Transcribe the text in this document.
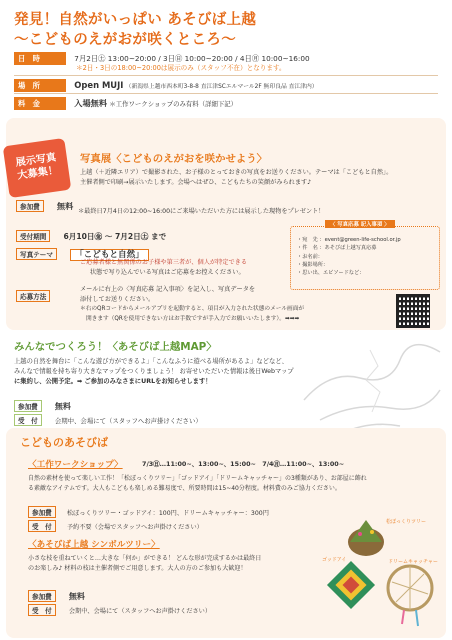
発見！自然がいっぱい あそびば上越
～こどものえがおが咲くところ～
日　時	7月2日㊏ 13:00~20:00 / 3日㊐ 10:00~20:00 / 4日㊊ 10:00~16:00
＊2日・3日の18:00~20:00は展示のみ（スタッフ不在）となります。
場　所	Open MUJI （新潟県上越市西本町3-8-8 直江津SCエルマール2F 無印良品 直江津内）
料　金	入場無料 ＊工作ワークショップのみ有料（詳細下記）
展示写真
大募集！
写真展〈こどものえがおを咲かせよう〉
上越（＋近隣エリア）で撮影された、お子様のとっておきの写真をお送りください。テーマは「こどもと自然」。
主催者側で印刷→展示いたします。会場へはぜひ、こどもたちの笑顔がみられます♪
参加費 無料
＊最終日7月4日の12:00~16:00にご来場いただいた方には展示した現物をプレゼント！
受付期間 6月10日㊎ ～ 7月2日㊏ まで
写真テーマ	「こどもと自然」
ご応募者様と無関係のお子様や第三者が、個人が特定できる
状態で写り込んでいる写真はご応募をお控えください。
応募方法
メールに右上の〈写真応募 記入事項〉を記入し、写真データを
添付してお送りください。
＊右のQRコードからメールアプリを起動すると、項目が入力された状態のメール画面が
開きます（QRを使用できない方はお手数ですが手入力でお願いいたします）。➡➡➡
〈 写真応募 記入事項 〉
・宛　先 ：event@green-life-school.or.jp
・件　名 ：あそびば上越写真応募
・お名前：
・撮影場所：
・思い出、エピソードなど：
みんなでつくろう！〈あそびば上越MAP〉
上越の自然を舞台に「こんな遊び方ができるよ」「こんなふうに遊べる場所があるよ」などなど、
みんなで情報を持ち寄り大きなマップをつくりましょう！ お寄せいただいた情報は後日Webマップ
に集約し、公開予定。➡ ご参加のみなさまにURLをお知らせします！
参加費 無料
受　付	会期中、会場にて（スタッフへお声掛けください）
こどものあそびば
〈工作ワークショップ〉	7/3㊐…11:00~、13:00~、15:00~　7/4㊊…11:00~、13:00~
自然の素材を使って楽しい工作！「松ぼっくりツリー」「ゴッドアイ」「ドリームキャッチャー」の3種類があり、お部屋に飾れ
る素敵なアイテムです。大人もこどもも楽しめる難易度で、所要時間は15~40分程度。材料費のみご協力ください。
参加費 松ぼっくりツリー・ゴッドアイ：100円、ドリームキャッチャー：300円
受　付 予約不要（会場でスタッフへお声掛けください）
〈あそびば上越 シンボルツリー〉
小さな枝を重ねていくと…大きな「何か」ができる！ どんな形が完成するかは最終日
のお楽しみ♪ 材料の枝は主催者側でご用意します。大人の方のご参加も大歓迎！
参加費 無料
受　付	会期中、会場にて（スタッフへお声掛けください）
松ぼっくりツリー
ゴッドアイ	ドリームキャッチャー
